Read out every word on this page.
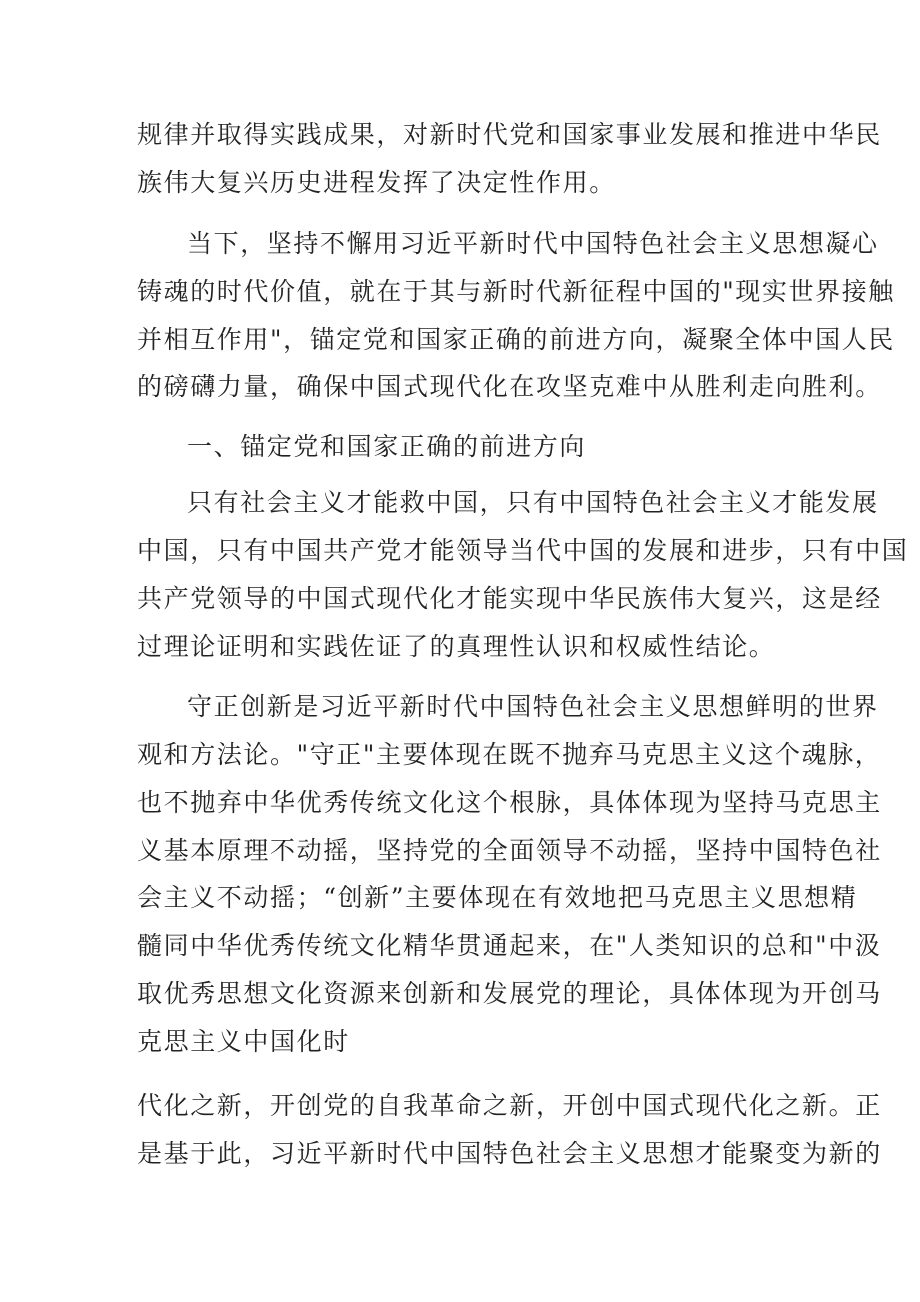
规律并取得实践成果，对新时代党和国家事业发展和推进中华民
族伟大复兴历史进程发挥了决定性作用。
当下，坚持不懈用习近平新时代中国特色社会主义思想凝心
铸魂的时代价值，就在于其与新时代新征程中国的"现实世界接触
并相互作用"，锚定党和国家正确的前进方向，凝聚全体中国人民
的磅礴力量，确保中国式现代化在攻坚克难中从胜利走向胜利。
一、锚定党和国家正确的前进方向
只有社会主义才能救中国，只有中国特色社会主义才能发展
中国，只有中国共产党才能领导当代中国的发展和进步，只有中国
共产党领导的中国式现代化才能实现中华民族伟大复兴，这是经
过理论证明和实践佐证了的真理性认识和权威性结论。
守正创新是习近平新时代中国特色社会主义思想鲜明的世界
观和方法论。"守正"主要体现在既不抛弃马克思主义这个魂脉，
也不抛弃中华优秀传统文化这个根脉，具体体现为坚持马克思主
义基本原理不动摇，坚持党的全面领导不动摇，坚持中国特色社
会主义不动摇；“创新”主要体现在有效地把马克思主义思想精
髓同中华优秀传统文化精华贯通起来，在"人类知识的总和"中汲
取优秀思想文化资源来创新和发展党的理论，具体体现为开创马
克思主义中国化时
代化之新，开创党的自我革命之新，开创中国式现代化之新。正
是基于此，习近平新时代中国特色社会主义思想才能聚变为新的
